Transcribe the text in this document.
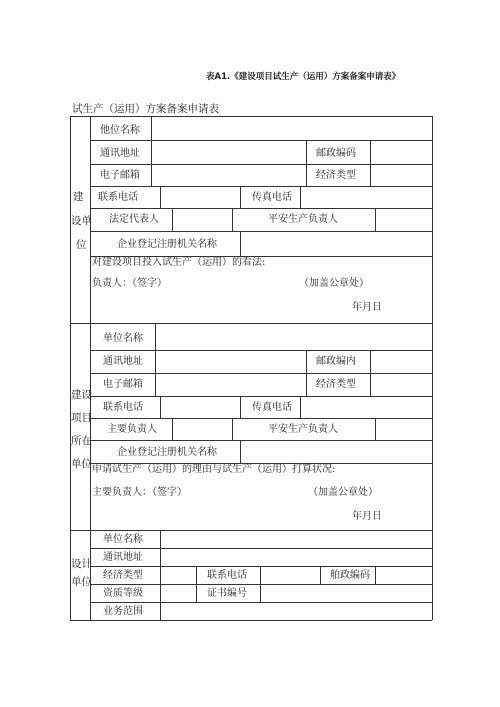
表A1.《建设项目试生产（运用）方案备案申请表》
试生产（运用）方案备案申请表
建
设单
位
他位名称
通讯地址	邮政编码
电子邮箱	经济类型
联系电话	传真电话
法定代表人	平安生产负责人
企业登记注册机关名称
对建设项目投入试生产（运用）的看法:
负责人：（签字）	（加盖公章处）
年月日
建设
项目
所在
单位
单位名称
通讯地址	邮政编内
电子邮箱	经济类型
联系电话	传真电话
主要负责人	平安生产负责人
企业登记注册机关名称
申请试生产（运用）的理由与试生产（运用）打算状况:
主要负责人：（签字）	（加盖公章处）
年月日
设计
单位
单位名称
通讯地址
经济类型	联系电话	舶政编码
资质等级	证书编号
业务范围
